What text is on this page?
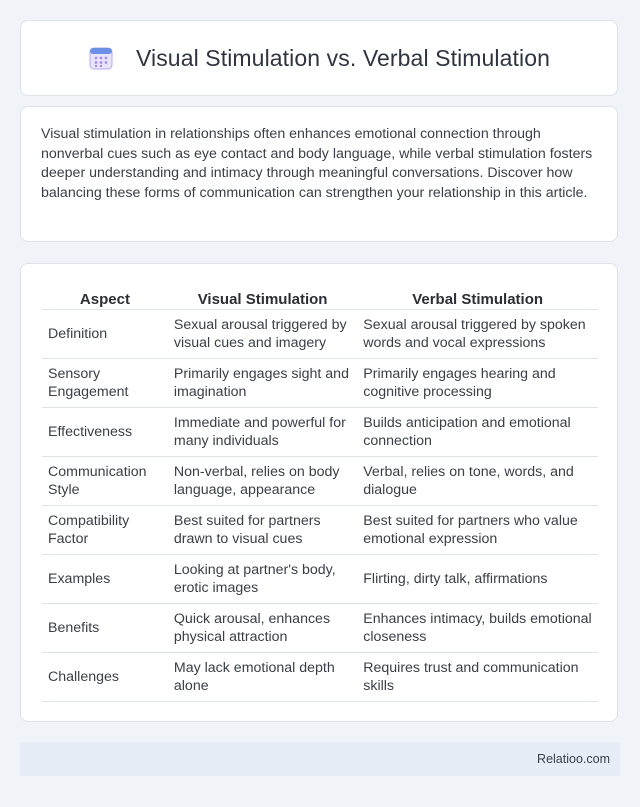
Visual Stimulation vs. Verbal Stimulation

Visual stimulation in relationships often enhances emotional connection through nonverbal cues such as eye contact and body language, while verbal stimulation fosters deeper understanding and intimacy through meaningful conversations. Discover how balancing these forms of communication can strengthen your relationship in this article.

Aspect	Visual Stimulation	Verbal Stimulation
Definition	Sexual arousal triggered by visual cues and imagery	Sexual arousal triggered by spoken words and vocal expressions
Sensory Engagement	Primarily engages sight and imagination	Primarily engages hearing and cognitive processing
Effectiveness	Immediate and powerful for many individuals	Builds anticipation and emotional connection
Communication Style	Non-verbal, relies on body language, appearance	Verbal, relies on tone, words, and dialogue
Compatibility Factor	Best suited for partners drawn to visual cues	Best suited for partners who value emotional expression
Examples	Looking at partner's body, erotic images	Flirting, dirty talk, affirmations
Benefits	Quick arousal, enhances physical attraction	Enhances intimacy, builds emotional closeness
Challenges	May lack emotional depth alone	Requires trust and communication skills
Relatioo.com
